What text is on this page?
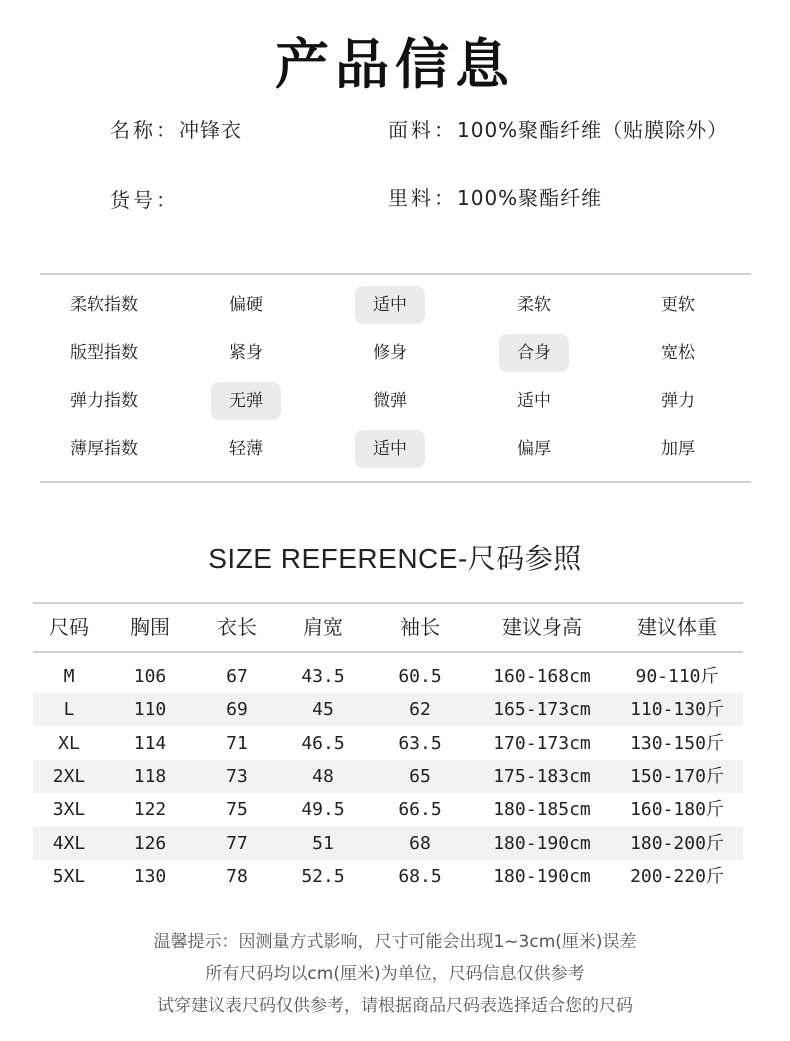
产品信息
名称：冲锋衣	面料：100%聚酯纤维（贴膜除外）
货号：	里料：100%聚酯纤维
柔软指数	偏硬	适中	柔软	更软
版型指数	紧身	修身	合身	宽松
弹力指数	无弹	微弹	适中	弹力
薄厚指数	轻薄	适中	偏厚	加厚
SIZE REFERENCE-尺码参照
尺码	胸围	衣长	肩宽	袖长	建议身高	建议体重
M	106	67	43.5	60.5	160-168cm	90-110斤
L	110	69	45	62	165-173cm	110-130斤
XL	114	71	46.5	63.5	170-173cm	130-150斤
2XL	118	73	48	65	175-183cm	150-170斤
3XL	122	75	49.5	66.5	180-185cm	160-180斤
4XL	126	77	51	68	180-190cm	180-200斤
5XL	130	78	52.5	68.5	180-190cm	200-220斤
温馨提示：因测量方式影响，尺寸可能会出现1~3cm(厘米)误差
所有尺码均以cm(厘米)为单位，尺码信息仅供参考
试穿建议表尺码仅供参考，请根据商品尺码表选择适合您的尺码
